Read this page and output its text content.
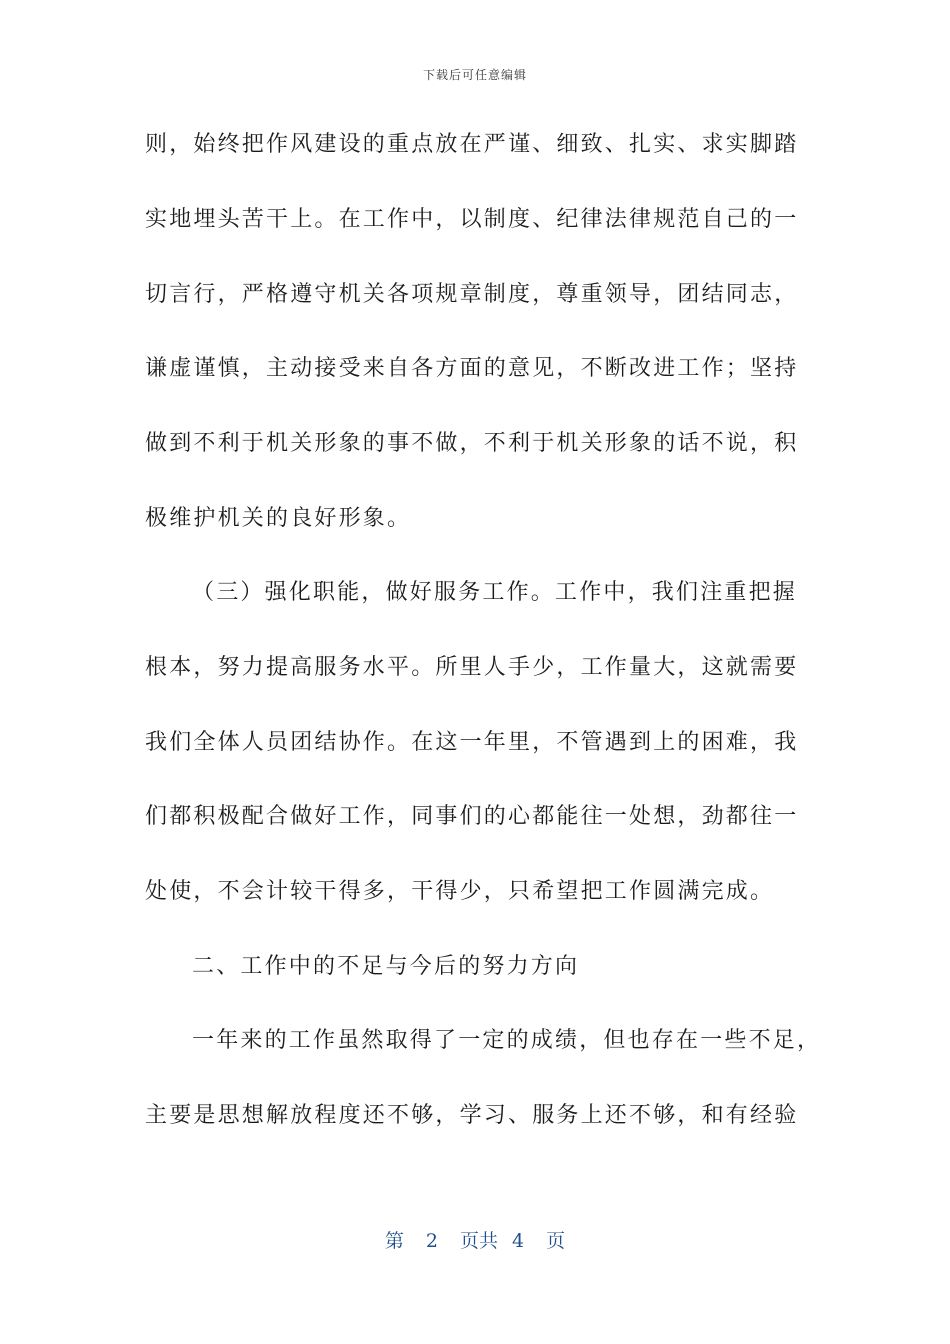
下载后可任意编辑
则，始终把作风建设的重点放在严谨、细致、扎实、求实脚踏
实地埋头苦干上。在工作中，以制度、纪律法律规范自己的一
切言行，严格遵守机关各项规章制度，尊重领导，团结同志，
谦虚谨慎，主动接受来自各方面的意见，不断改进工作；坚持
做到不利于机关形象的事不做，不利于机关形象的话不说，积
极维护机关的良好形象。
（三）强化职能，做好服务工作。工作中，我们注重把握
根本，努力提高服务水平。所里人手少，工作量大，这就需要
我们全体人员团结协作。在这一年里，不管遇到上的困难，我
们都积极配合做好工作，同事们的心都能往一处想，劲都往一
处使，不会计较干得多，干得少，只希望把工作圆满完成。
二、工作中的不足与今后的努力方向
一年来的工作虽然取得了一定的成绩，但也存在一些不足，
主要是思想解放程度还不够，学习、服务上还不够，和有经验
第 2 页共 4 页
